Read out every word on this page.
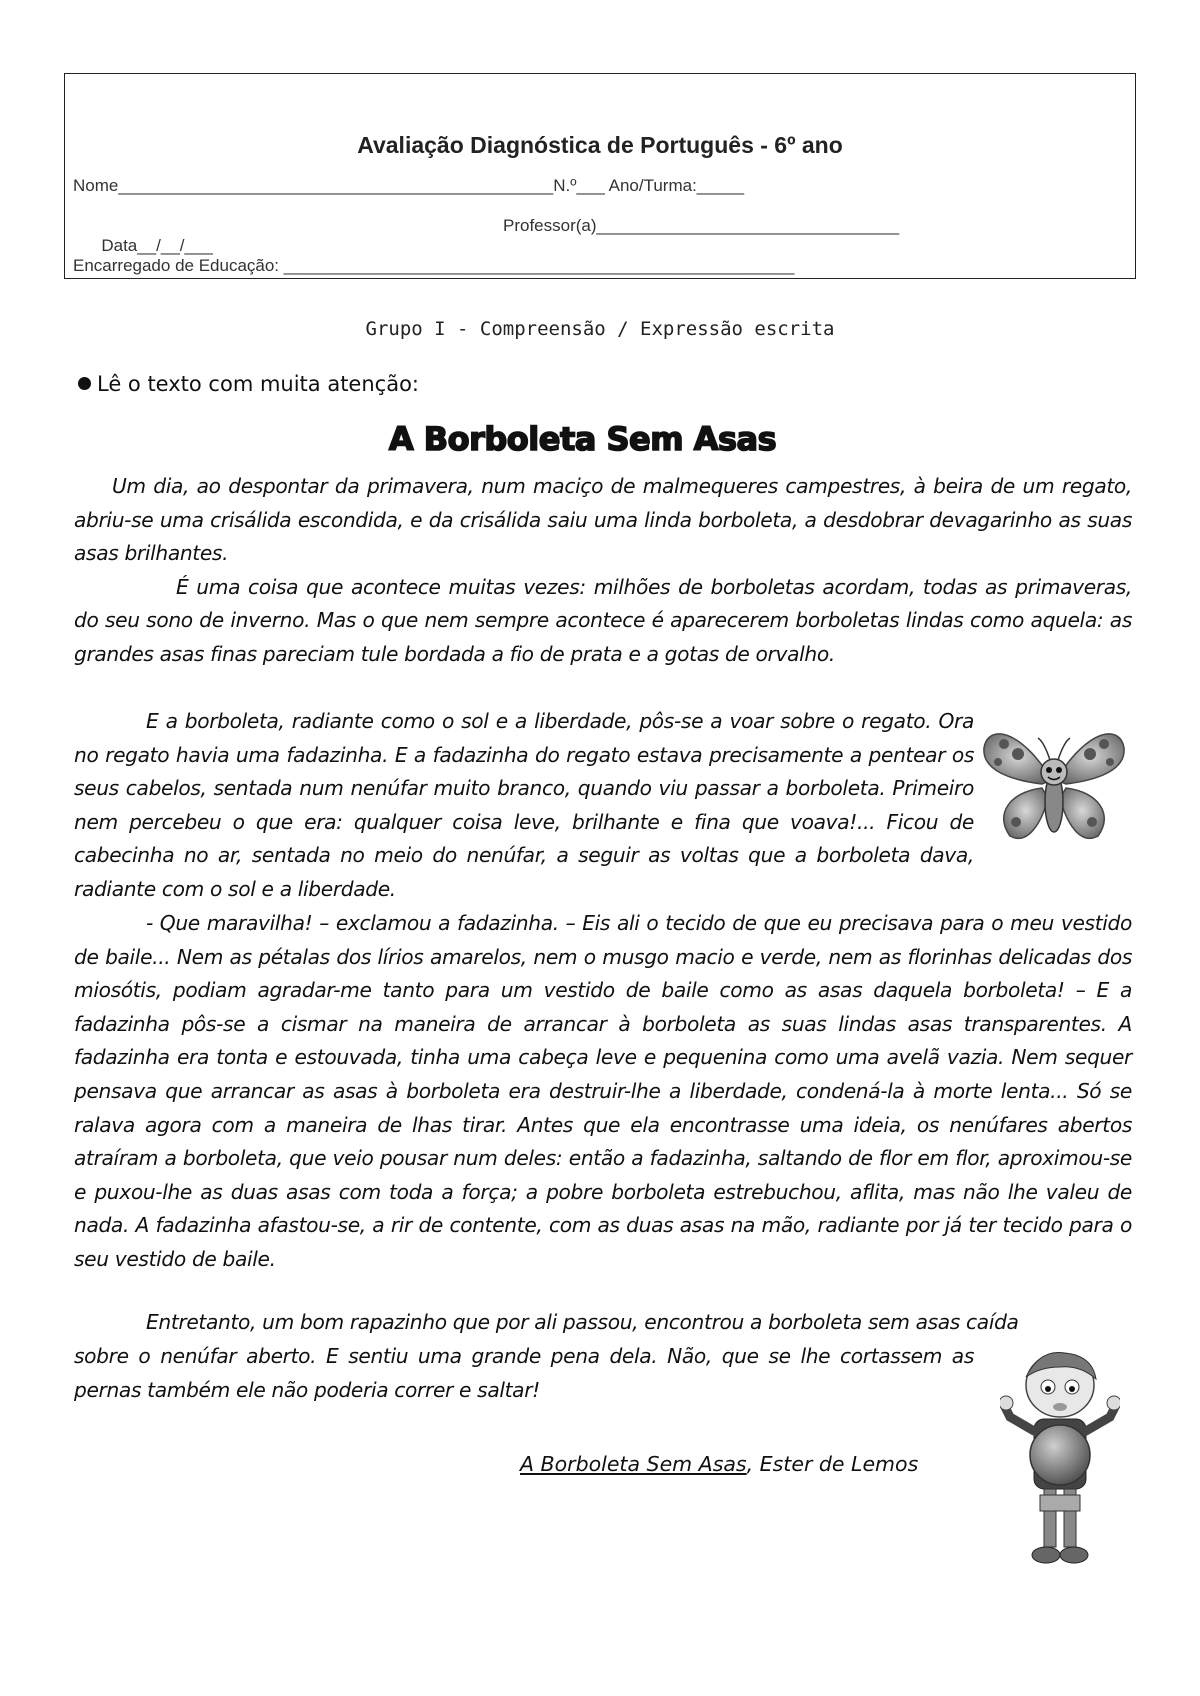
Avaliação Diagnóstica de Português - 6º ano
Nome______________________________________________N.º___ Ano/Turma:_____

Data__/__/___

Professor(a)________________________________

Encarregado de Educação: ______________________________________________________
Grupo I - Compreensão / Expressão escrita
Lê o texto com muita atenção:
A Borboleta Sem Asas

Um dia, ao despontar da primavera, num maciço de malmequeres campestres, à beira de um regato, abriu-se uma crisálida escondida, e da crisálida saiu uma linda borboleta, a desdobrar devagarinho as suas asas brilhantes.

É uma coisa que acontece muitas vezes: milhões de borboletas acordam, todas as primaveras, do seu sono de inverno. Mas o que nem sempre acontece é aparecerem borboletas lindas como aquela: as grandes asas finas pareciam tule bordada a fio de prata e a gotas de orvalho.

E a borboleta, radiante como o sol e a liberdade, pôs-se a voar sobre o regato. Ora no regato havia uma fadazinha. E a fadazinha do regato estava precisamente a pentear os seus cabelos, sentada num nenúfar muito branco, quando viu passar a borboleta. Primeiro nem percebeu o que era: qualquer coisa leve, brilhante e fina que voava!... Ficou de cabecinha no ar, sentada no meio do nenúfar, a seguir as voltas que a borboleta dava, radiante com o sol e a liberdade.

- Que maravilha! – exclamou a fadazinha. – Eis ali o tecido de que eu precisava para o meu vestido de baile... Nem as pétalas dos lírios amarelos, nem o musgo macio e verde, nem as florinhas delicadas dos miosótis, podiam agradar-me tanto para um vestido de baile como as asas daquela borboleta! – E a fadazinha pôs-se a cismar na maneira de arrancar à borboleta as suas lindas asas transparentes. A fadazinha era tonta e estouvada, tinha uma cabeça leve e pequenina como uma avelã vazia. Nem sequer pensava que arrancar as asas à borboleta era destruir-lhe a liberdade, condená-la à morte lenta... Só se ralava agora com a maneira de lhas tirar. Antes que ela encontrasse uma ideia, os nenúfares abertos atraíram a borboleta, que veio pousar num deles: então a fadazinha, saltando de flor em flor, aproximou-se e puxou-lhe as duas asas com toda a força; a pobre borboleta estrebuchou, aflita, mas não lhe valeu de nada. A fadazinha afastou-se, a rir de contente, com as duas asas na mão, radiante por já ter tecido para o seu vestido de baile.

Entretanto, um bom rapazinho que por ali passou, encontrou a borboleta sem asas caída

sobre o nenúfar aberto. E sentiu uma grande pena dela. Não, que se lhe cortassem as pernas também ele não poderia correr e saltar!

A Borboleta Sem Asas, Ester de Lemos
